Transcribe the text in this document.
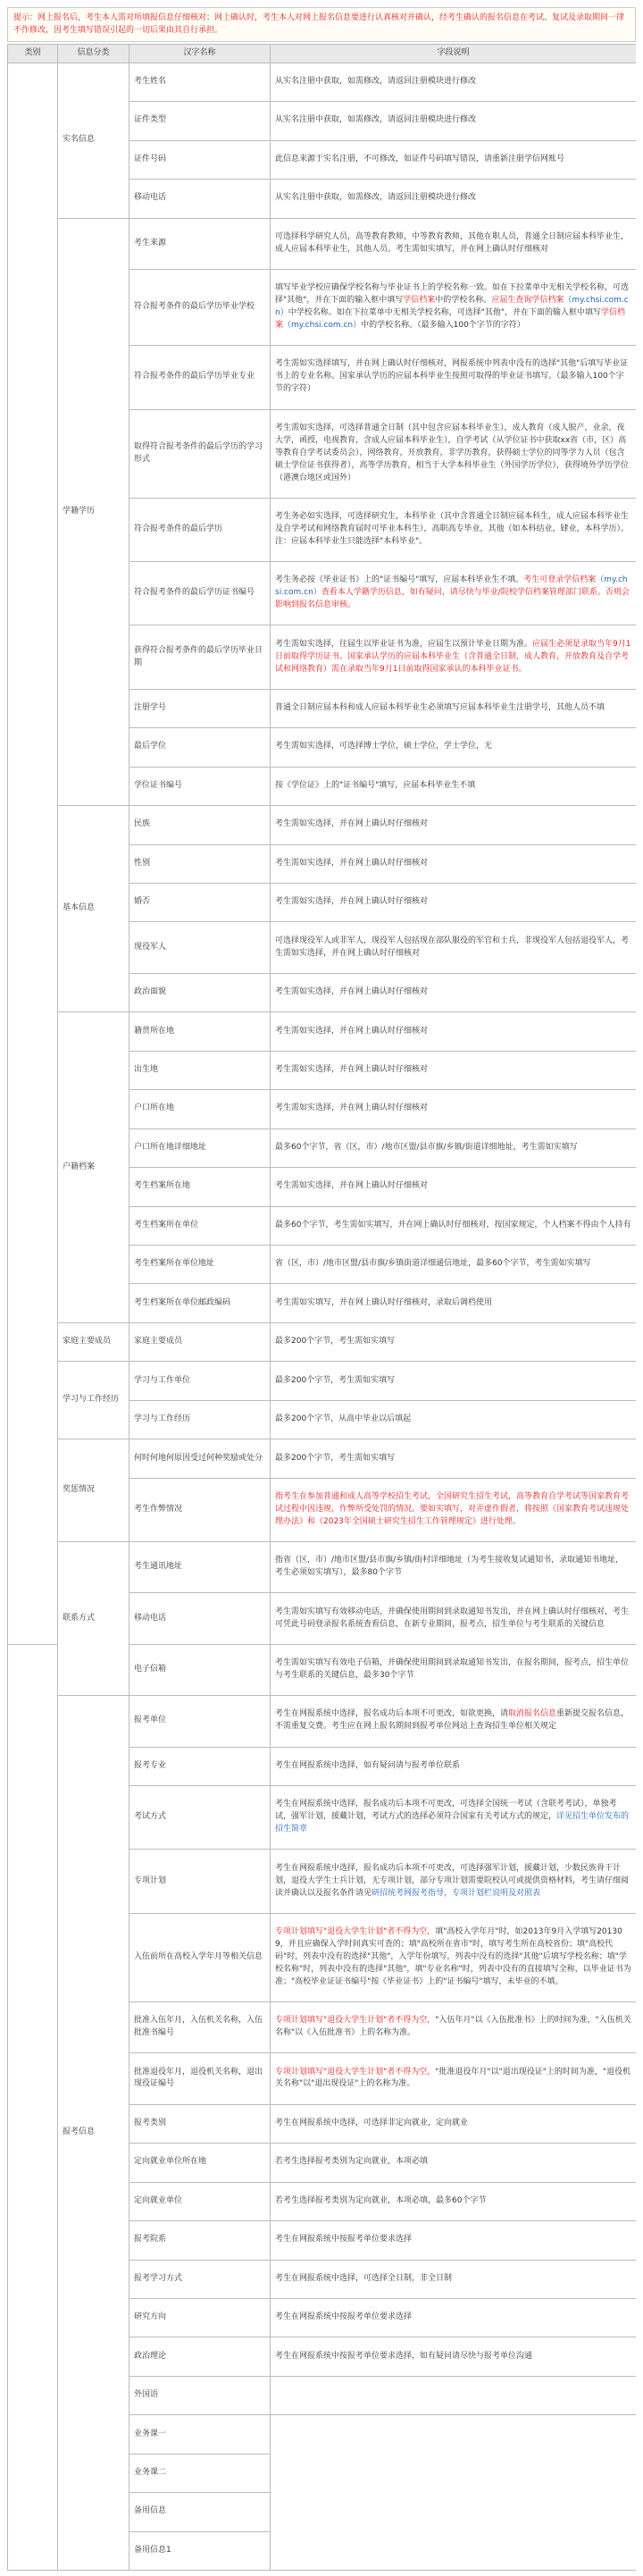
提示：网上报名后，考生本人需对所填报信息仔细核对；网上确认时，考生本人对网上报名信息要进行认真核对并确认，经考生确认的报名信息在考试、复试及录取期间一律不作修改，因考生填写错误引起的一切后果由其自行承担。
类别	信息分类	汉字名称	字段说明
	实名信息	考生姓名	从实名注册中获取，如需修改，请返回注册模块进行修改
		证件类型	从实名注册中获取，如需修改，请返回注册模块进行修改
		证件号码	此信息来源于实名注册，不可修改，如证件号码填写错误，请重新注册学信网账号
		移动电话	从实名注册中获取，如需修改，请返回注册模块进行修改
	学籍学历	考生来源	可选择科学研究人员，高等教育教师，中等教育教师，其他在职人员，普通全日制应届本科毕业生，成人应届本科毕业生，其他人员。考生需如实填写，并在网上确认时仔细核对
		符合报考条件的最后学历毕业学校	填写毕业学校应确保学校名称与毕业证书上的学校名称一致。如在下拉菜单中无相关学校名称，可选择"其他"，并在下面的输入框中填写学信档案中的学校名称。应届生查询学信档案（my.chsi.com.cn）中学校名称。如在下拉菜单中无相关学校名称，可选择"其他"，并在下面的输入框中填写学信档案（my.chsi.com.cn）中的学校名称。（最多输入100个字节的字符）
		符合报考条件的最后学历毕业专业	考生需如实选择填写，并在网上确认时仔细核对，网报系统中列表中没有的选择"其他"后填写毕业证书上的专业名称。国家承认学历的应届本科毕业生按照可取得的毕业证书填写。（最多输入100个字节的字符）
		取得符合报考条件的最后学历的学习形式	考生需如实选择，可选择普通全日制（其中包含应届本科毕业生），成人教育（成人脱产，业余，夜大学，函授，电视教育，含成人应届本科毕业生），自学考试（从学位证书中获取xx省（市，区）高等教育自学考试委员会），网络教育，开放教育，非学历教育，获得硕士学位的同等学力人员（包含硕士学位证书获得者），高等学历教育，相当于大学本科毕业生（外国学历学位），获得境外学历学位（港澳台地区或国外）
		符合报考条件的最后学历	考生务必如实选择，可选择研究生，本科毕业（其中含普通全日制应届本科生，成人应届本科毕业生及自学考试和网络教育届时可毕业本科生），高职高专毕业，其他（如本科结业，肄业，本科学历）。注：应届本科毕业生只能选择"本科毕业"。
		符合报考条件的最后学历证书编号	考生务必按《毕业证书》上的"证书编号"填写，应届本科毕业生不填。考生可登录学信档案（my.chsi.com.cn）查看本人学籍学历信息，如有疑问，请尽快与毕业/院校学信档案管理部门联系。否则会影响到报名信息审核。
		获得符合报考条件的最后学历毕业日期	考生需如实选择，往届生以毕业证书为准，应届生以预计毕业日期为准。应届生必须是录取当年9月1日前取得学历证书。国家承认学历的应届本科毕业生（含普通全日制，成人教育，开放教育及自学考试和网络教育）需在录取当年9月1日前取得国家承认的本科毕业证书。
		注册学号	普通全日制应届本科和成人应届本科毕业生必须填写应届本科毕业生注册学号，其他人员不填
		最后学位	考生需如实选择，可选择博士学位，硕士学位，学士学位，无
		学位证书编号	按《学位证》上的"证书编号"填写，应届本科毕业生不填
	基本信息	民族	考生需如实选择，并在网上确认时仔细核对
		性别	考生需如实选择，并在网上确认时仔细核对
		婚否	考生需如实选择，并在网上确认时仔细核对
		现役军人	可选择现役军人或非军人，现役军人包括现在部队服役的军官和士兵，非现役军人包括退役军人，考生需如实选择，并在网上确认时仔细核对
		政治面貌	考生需如实选择，并在网上确认时仔细核对
	户籍档案	籍贯所在地	考生需如实选择，并在网上确认时仔细核对
		出生地	考生需如实选择，并在网上确认时仔细核对
		户口所在地	考生需如实选择，并在网上确认时仔细核对
		户口所在地详细地址	最多60个字节，省（区，市）/地市区盟/县市旗/乡镇/街道详细地址，考生需如实填写
		考生档案所在地	考生需如实选择，并在网上确认时仔细核对
		考生档案所在单位	最多60个字节，考生需如实填写，并在网上确认时仔细核对，按国家规定，个人档案不得由个人持有
		考生档案所在单位地址	省（区，市）/地市区盟/县市旗/乡镇街道详细通信地址，最多60个字节，考生需如实填写
		考生档案所在单位邮政编码	考生需如实填写，并在网上确认时仔细核对，录取后调档使用
	家庭主要成员	家庭主要成员	最多200个字节，考生需如实填写
	学习与工作经历	学习与工作单位	最多200个字节，考生需如实填写
		学习与工作经历	最多200个字节，从高中毕业以后填起
	奖惩情况	何时何地何原因受过何种奖励或处分	最多200个字节，考生需如实填写
		考生作弊情况	指考生在参加普通和成人高等学校招生考试，全国研究生招生考试，高等教育自学考试等国家教育考试过程中因违规，作弊所受处罚的情况。要如实填写，对弄虚作假者，将按照《国家教育考试违规处理办法》和《2023年全国硕士研究生招生工作管理规定》进行处理。
	联系方式	考生通讯地址	指省（区，市）/地市区盟/县市旗/乡镇/街村详细地址（为考生接收复试通知书，录取通知书地址，考生必须如实填写），最多80个字节
		移动电话	考生需如实填写有效移动电话，并确保使用期间到录取通知书发出，并在网上确认时仔细核对，考生可凭此号码登录报名系统查看信息，在新专业期间，报考点，招生单位与考生联系的关键信息
		电子信箱	考生需如实填写有效电子信箱，并确保使用期间到录取通知书发出，在报名期间，报考点，招生单位与考生联系的关键信息，最多30个字节
	报考信息	报考单位	考生在网报系统中选择，报名成功后本项不可更改，如欲更换，请取消报名信息重新提交报名信息，不需重复交费。考生应在网上报名期间到报考单位网站上查询招生单位相关规定
		报考专业	考生在网报系统中选择，如有疑问请与报考单位联系
		考试方式	考生在网报系统中选择，报名成功后本项不可更改，可选择全国统一考试（含联考考试），单独考试，强军计划，援藏计划，考试方式的选择必须符合国家有关考试方式的规定，详见招生单位发布的招生简章
		专项计划	考生在网报系统中选择，报名成功后本项不可更改，可选择强军计划，援藏计划，少数民族骨干计划，退役大学生士兵计划，无专项计划，部分专项计划需要院校认可或提供资格材料，考生请仔细阅读并确认以及报名条件请见研招统考网报考指导，专项计划栏说明及对照表
		入伍前所在高校入学年月等相关信息	专项计划填写"退役大学生计划"者不得为空，填"高校入学年月"时，如2013年9月入学填写201309，并且应确保入学时间真实可查的；填"高校所在省市"时，填写考生所在高校省份；填"高校代码"时，列表中没有的选择"其他"，入学年份填写，列表中没有的选择"其他"后填写学校名称；填"学校名称"时，列表中没有的选择"其他"，填"专业名称"时，列表中没有的直接填写全称，以毕业证书为准；"高校毕业证证书编号"按《毕业证书》上的"证书编号"填写，未毕业的不填。
		批准入伍年月，入伍机关名称，入伍批准书编号	专项计划填写"退役大学生计划"者不得为空，"入伍年月"以《入伍批准书》上的时间为准，"入伍机关名称"以《入伍批准书》上的名称为准。
		批准退役年月，退役机关名称，退出现役证编号	专项计划填写"退役大学生计划"者不得为空，"批准退役年月"以"退出现役证"上的时间为准，"退役机关名称"以"退出现役证"上的名称为准。
		报考类别	考生在网报系统中选择，可选择非定向就业，定向就业
		定向就业单位所在地	若考生选择报考类别为定向就业，本项必填
		定向就业单位	若考生选择报考类别为定向就业，本项必填，最多60个字节
		报考院系	考生在网报系统中按报考单位要求选择
		报考学习方式	考生在网报系统中选择，可选择全日制，非全日制
		研究方向	考生在网报系统中按报考单位要求选择
		政治理论	考生在网报系统中按报考单位要求选择，如有疑问请尽快与报考单位沟通
		外国语	
		业务课一	
		业务课二	
		备用信息	
		备用信息1	
